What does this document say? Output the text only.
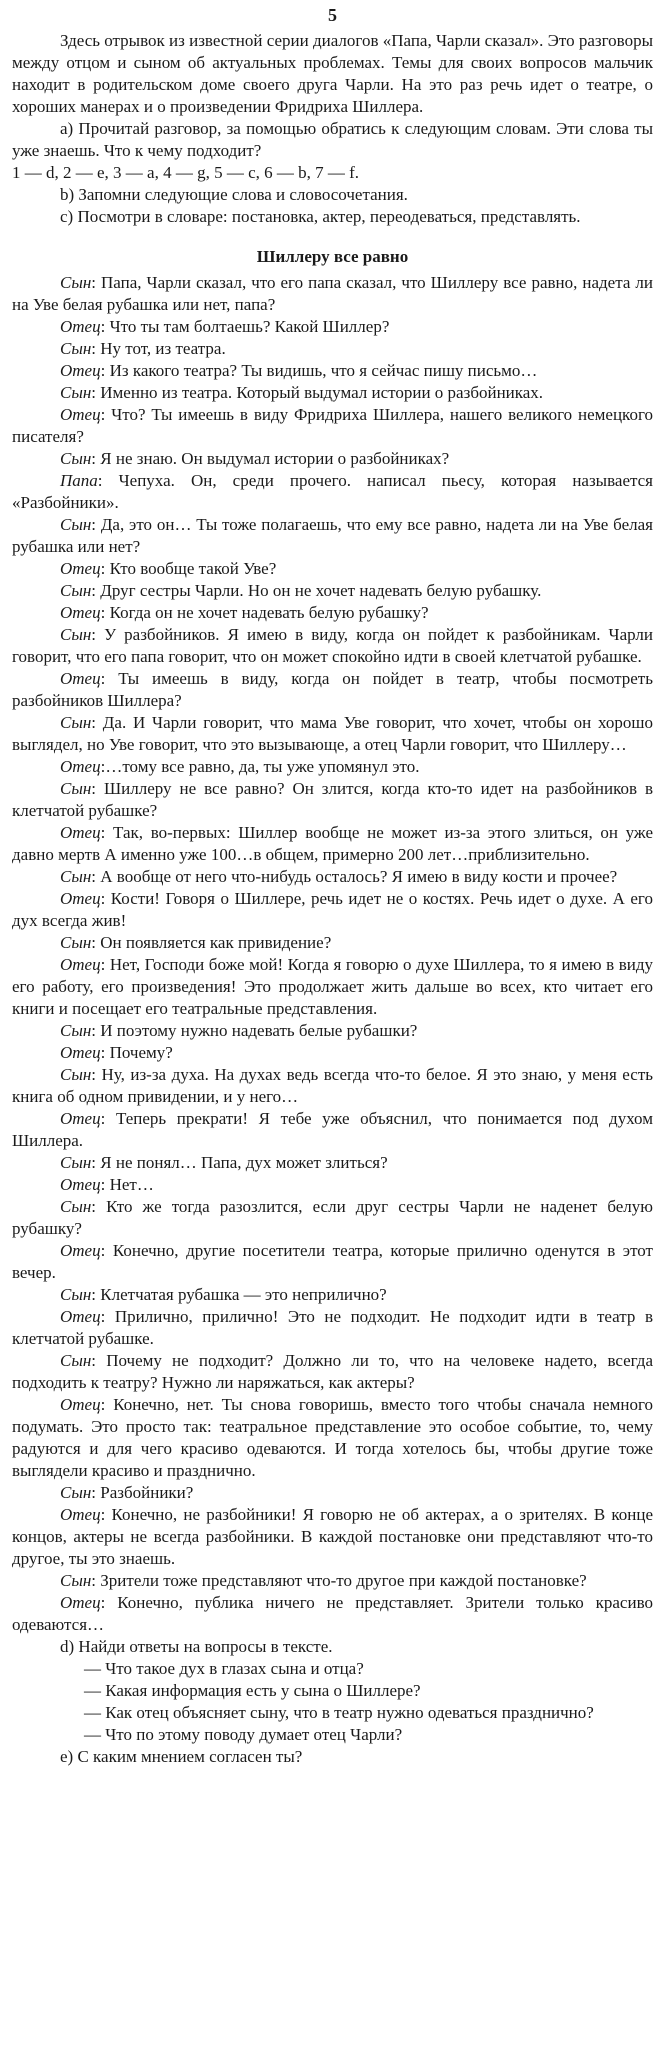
5

Здесь отрывок из известной серии диалогов «Папа, Чарли сказал». Это разговоры между отцом и сыном об актуальных проблемах. Темы для своих вопросов мальчик находит в родительском доме своего друга Чарли. На это раз речь идет о театре, о хороших манерах и о произведении Фридриха Шиллера.

а) Прочитай разговор, за помощью обратись к следующим словам. Эти слова ты уже знаешь. Что к чему подходит?

1 — d, 2 — е, 3 — а, 4 — g, 5 — с, 6 — b, 7 — f.

b) Запомни следующие слова и словосочетания.

с) Посмотри в словаре: постановка, актер, переодеваться, представлять.

Шиллеру все равно

Сын: Папа, Чарли сказал, что его папа сказал, что Шиллеру все равно, надета ли на Уве белая рубашка или нет, папа?

Отец: Что ты там болтаешь? Какой Шиллер?

Сын: Ну тот, из театра.

Отец: Из какого театра? Ты видишь, что я сейчас пишу письмо…

Сын: Именно из театра. Который выдумал истории о разбойниках.

Отец: Что? Ты имеешь в виду Фридриха Шиллера, нашего великого немецкого писателя?

Сын: Я не знаю. Он выдумал истории о разбойниках?

Папа: Чепуха. Он, среди прочего. написал пьесу, которая называется «Разбойники».

Сын: Да, это он… Ты тоже полагаешь, что ему все равно, надета ли на Уве белая рубашка или нет?

Отец: Кто вообще такой Уве?

Сын: Друг сестры Чарли. Но он не хочет надевать белую рубашку.

Отец: Когда он не хочет надевать белую рубашку?

Сын: У разбойников. Я имею в виду, когда он пойдет к разбойникам. Чарли говорит, что его папа говорит, что он может спокойно идти в своей клетчатой рубашке.

Отец: Ты имеешь в виду, когда он пойдет в театр, чтобы посмотреть разбойников Шиллера?

Сын: Да. И Чарли говорит, что мама Уве говорит, что хочет, чтобы он хорошо выглядел, но Уве говорит, что это вызывающе, а отец Чарли говорит, что Шиллеру…

Отец:…тому все равно, да, ты уже упомянул это.

Сын: Шиллеру не все равно? Он злится, когда кто-то идет на разбойников в клетчатой рубашке?

Отец: Так, во-первых: Шиллер вообще не может из-за этого злиться, он уже давно мертв А именно уже 100…в общем, примерно 200 лет…приблизительно.

Сын: А вообще от него что-нибудь осталось? Я имею в виду кости и прочее?

Отец: Кости! Говоря о Шиллере, речь идет не о костях. Речь идет о духе. А его дух всегда жив!

Сын: Он появляется как привидение?

Отец: Нет, Господи боже мой! Когда я говорю о духе Шиллера, то я имею в виду его работу, его произведения! Это продолжает жить дальше во всех, кто читает его книги и посещает его театральные представления.

Сын: И поэтому нужно надевать белые рубашки?

Отец: Почему?

Сын: Ну, из-за духа. На духах ведь всегда что-то белое. Я это знаю, у меня есть книга об одном привидении, и у него…

Отец: Теперь прекрати! Я тебе уже объяснил, что понимается под духом Шиллера.

Сын: Я не понял… Папа, дух может злиться?

Отец: Нет…

Сын: Кто же тогда разозлится, если друг сестры Чарли не наденет белую рубашку?

Отец: Конечно, другие посетители театра, которые прилично оденутся в этот вечер.

Сын: Клетчатая рубашка — это неприлично?

Отец: Прилично, прилично! Это не подходит. Не подходит идти в театр в клетчатой рубашке.

Сын: Почему не подходит? Должно ли то, что на человеке надето, всегда подходить к театру? Нужно ли наряжаться, как актеры?

Отец: Конечно, нет. Ты снова говоришь, вместо того чтобы сначала немного подумать. Это просто так: театральное представление это особое событие, то, чему радуются и для чего красиво одеваются. И тогда хотелось бы, чтобы другие тоже выглядели красиво и празднично.

Сын: Разбойники?

Отец: Конечно, не разбойники! Я говорю не об актерах, а о зрителях. В конце концов, актеры не всегда разбойники. В каждой постановке они представляют что-то другое, ты это знаешь.

Сын: Зрители тоже представляют что-то другое при каждой постановке?

Отец: Конечно, публика ничего не представляет. Зрители только красиво одеваются…

d) Найди ответы на вопросы в тексте.

— Что такое дух в глазах сына и отца?

— Какая информация есть у сына о Шиллере?

— Как отец объясняет сыну, что в театр нужно одеваться празднично?

— Что по этому поводу думает отец Чарли?

е) С каким мнением согласен ты?
